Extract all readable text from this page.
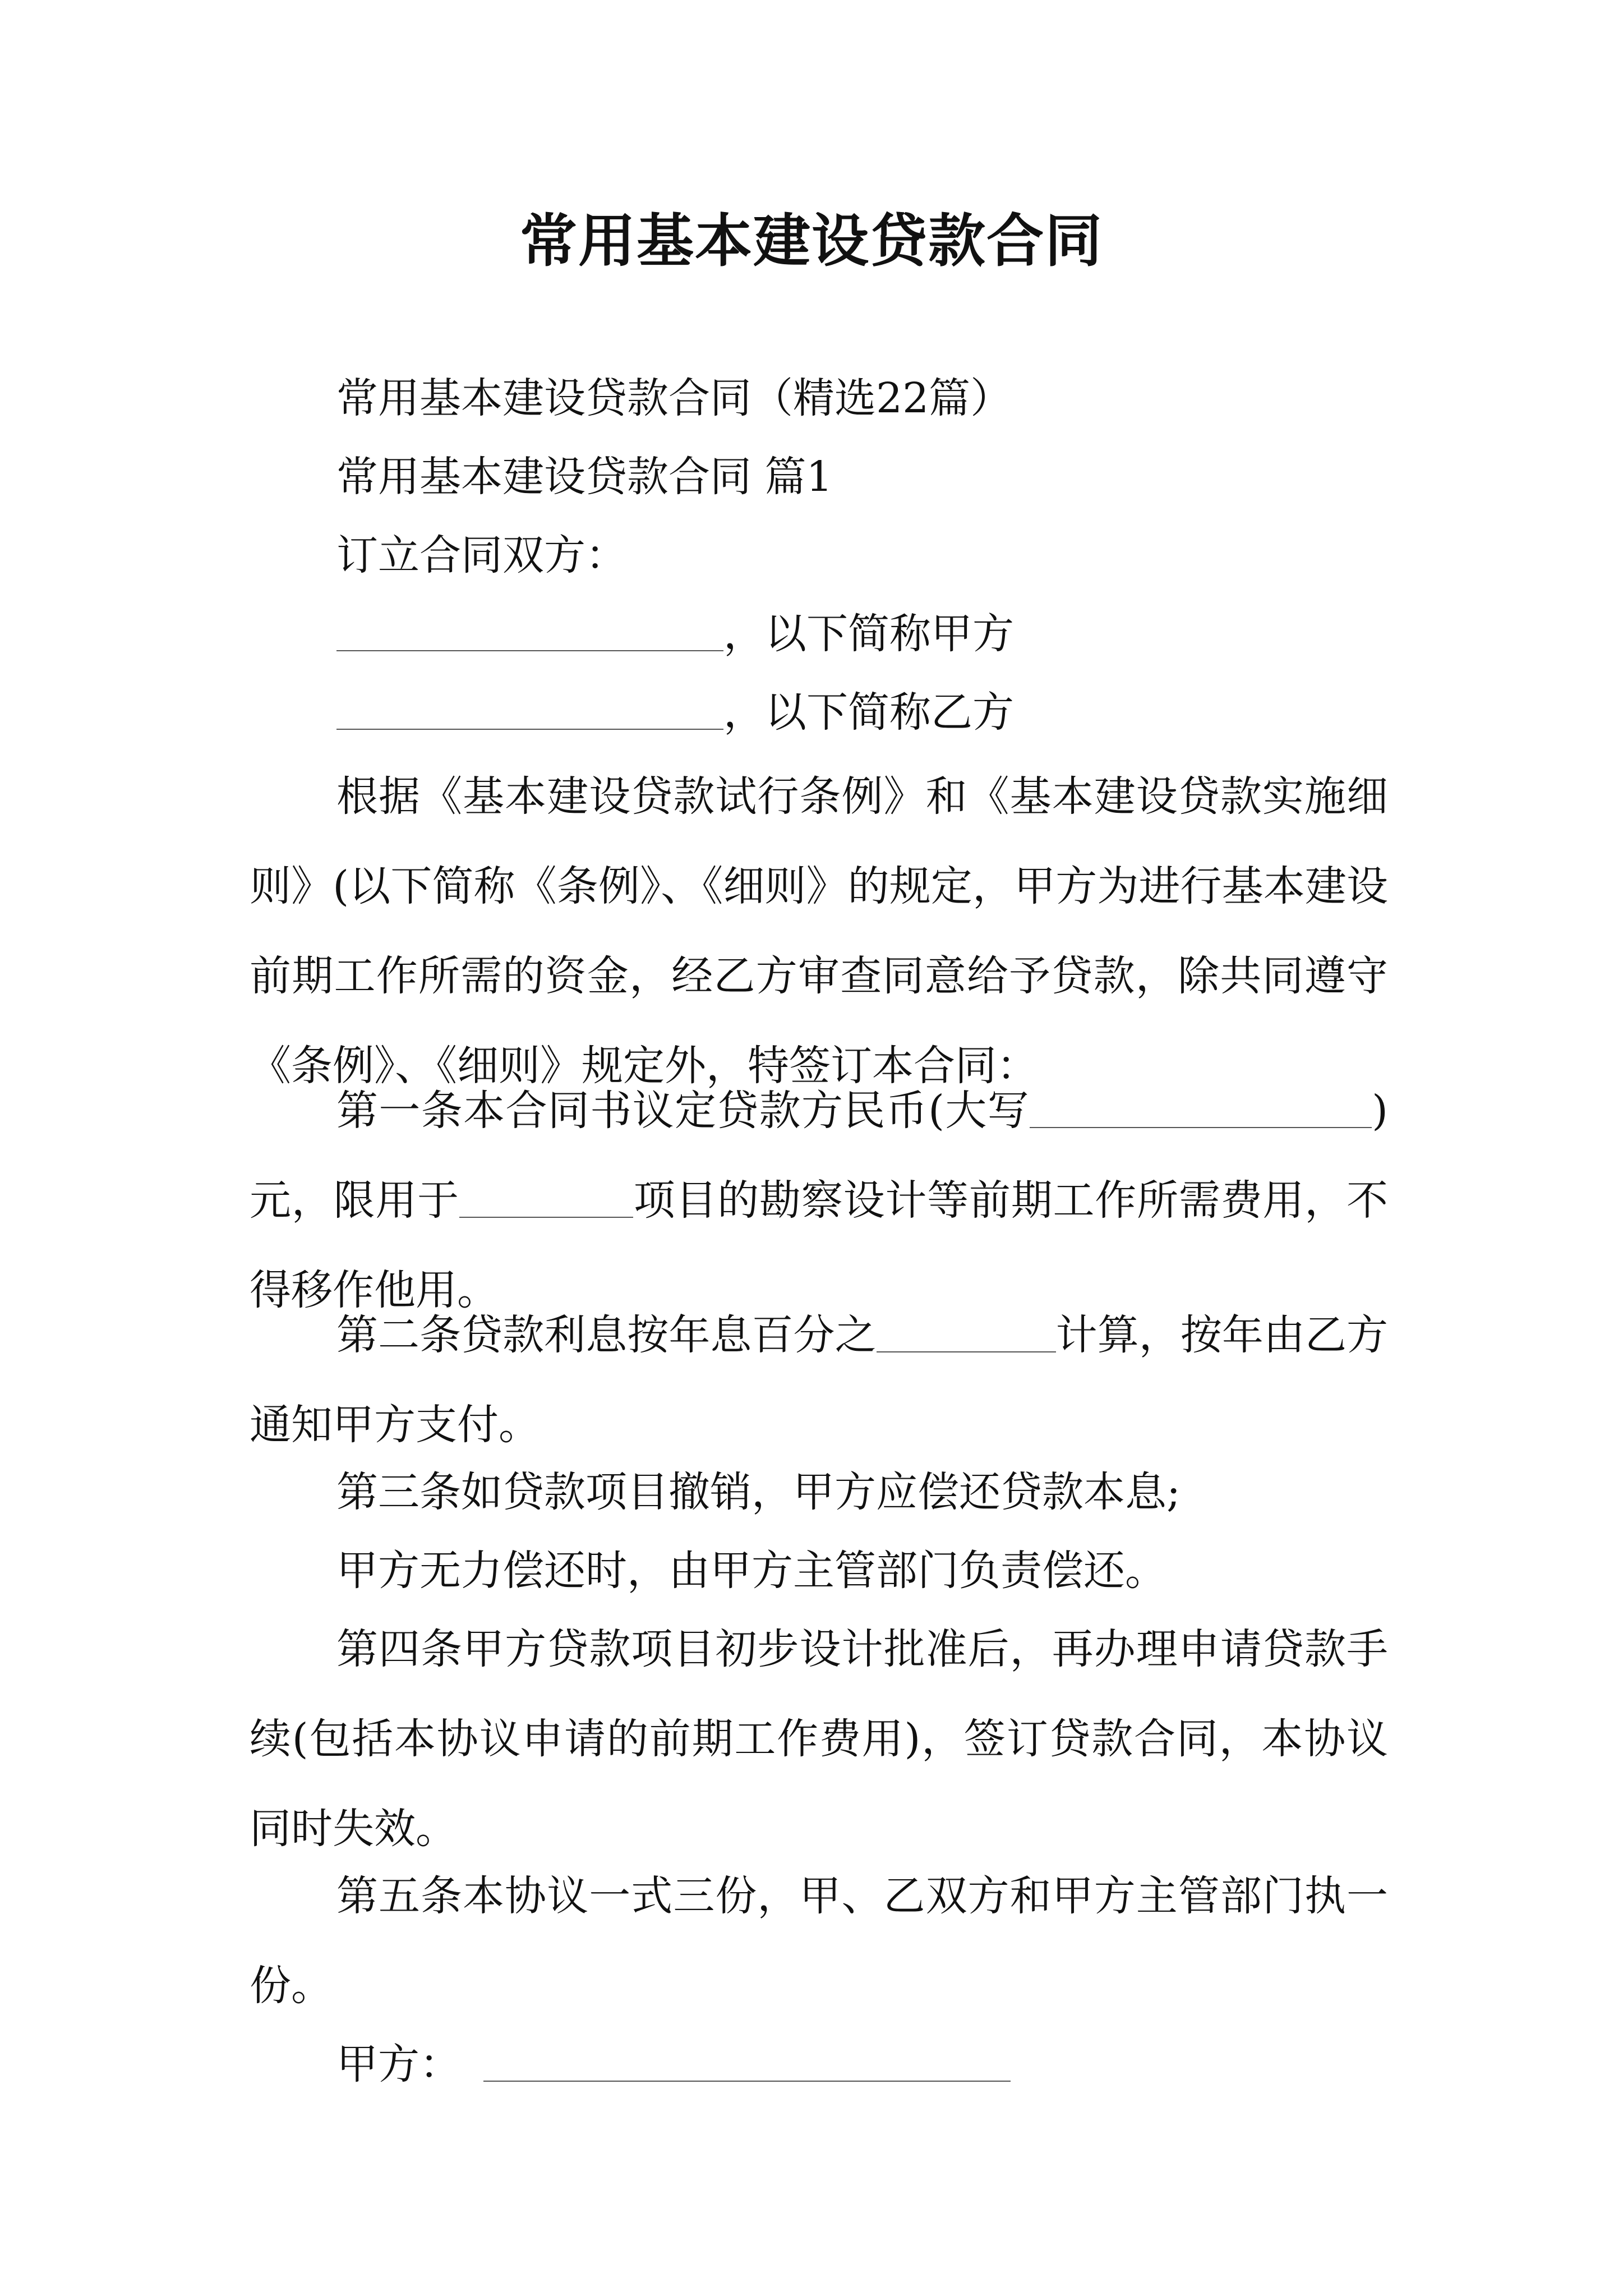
常用基本建设贷款合同
常用基本建设贷款合同（精选22篇）
常用基本建设贷款合同 篇1
订立合同双方：
，以下简称甲方
，以下简称乙方
根据《基本建设贷款试行条例》和《基本建设贷款实施细则》(以下简称《条例》、《细则》的规定，甲方为进行基本建设前期工作所需的资金，经乙方审查同意给予贷款，除共同遵守《条例》、《细则》规定外，特签订本合同：
第一条本合同书议定贷款方民币(大写	)元，限用于	项目的勘察设计等前期工作所需费用，不得移作他用。
第二条贷款利息按年息百分之	计算，按年由乙方通知甲方支付。
第三条如贷款项目撤销，甲方应偿还贷款本息;
甲方无力偿还时，由甲方主管部门负责偿还。
第四条甲方贷款项目初步设计批准后，再办理申请贷款手续(包括本协议申请的前期工作费用)，签订贷款合同，本协议同时失效。
第五条本协议一式三份，甲、乙双方和甲方主管部门执一份。
甲方：
